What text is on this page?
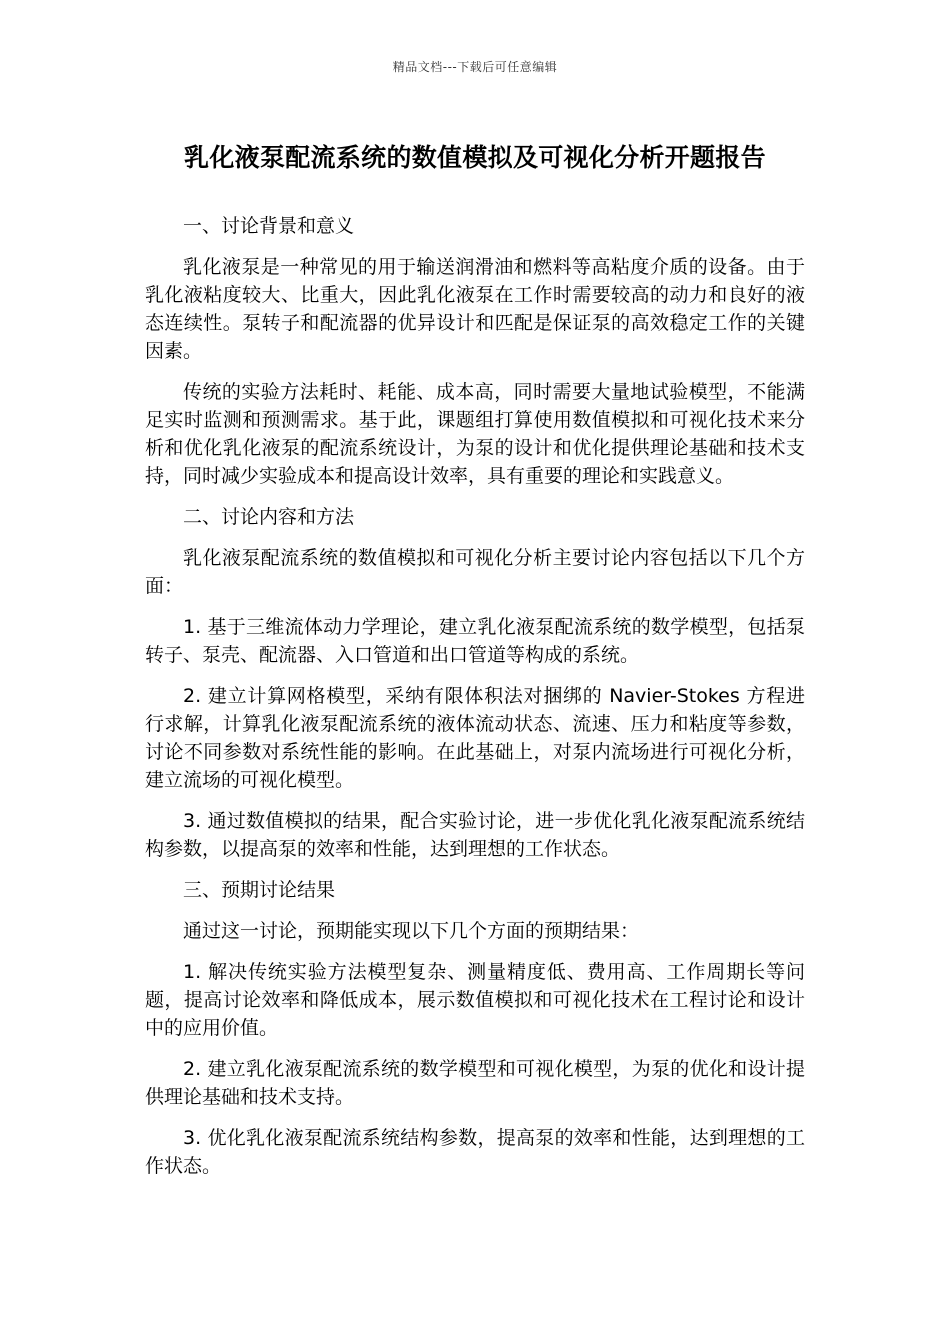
精品文档---下载后可任意编辑
乳化液泵配流系统的数值模拟及可视化分析开题报告

一、讨论背景和意义

乳化液泵是一种常见的用于输送润滑油和燃料等高粘度介质的设备。由于乳化液粘度较大、比重大，因此乳化液泵在工作时需要较高的动力和良好的液态连续性。泵转子和配流器的优异设计和匹配是保证泵的高效稳定工作的关键因素。

传统的实验方法耗时、耗能、成本高，同时需要大量地试验模型，不能满足实时监测和预测需求。基于此，课题组打算使用数值模拟和可视化技术来分析和优化乳化液泵的配流系统设计，为泵的设计和优化提供理论基础和技术支持，同时减少实验成本和提高设计效率，具有重要的理论和实践意义。

二、讨论内容和方法

乳化液泵配流系统的数值模拟和可视化分析主要讨论内容包括以下几个方面：

1. 基于三维流体动力学理论，建立乳化液泵配流系统的数学模型，包括泵转子、泵壳、配流器、入口管道和出口管道等构成的系统。

2. 建立计算网格模型，采纳有限体积法对捆绑的 Navier-Stokes 方程进行求解，计算乳化液泵配流系统的液体流动状态、流速、压力和粘度等参数，讨论不同参数对系统性能的影响。在此基础上，对泵内流场进行可视化分析，建立流场的可视化模型。

3. 通过数值模拟的结果，配合实验讨论，进一步优化乳化液泵配流系统结构参数，以提高泵的效率和性能，达到理想的工作状态。

三、预期讨论结果

通过这一讨论，预期能实现以下几个方面的预期结果：

1. 解决传统实验方法模型复杂、测量精度低、费用高、工作周期长等问题，提高讨论效率和降低成本，展示数值模拟和可视化技术在工程讨论和设计中的应用价值。

2. 建立乳化液泵配流系统的数学模型和可视化模型，为泵的优化和设计提供理论基础和技术支持。

3. 优化乳化液泵配流系统结构参数，提高泵的效率和性能，达到理想的工作状态。
